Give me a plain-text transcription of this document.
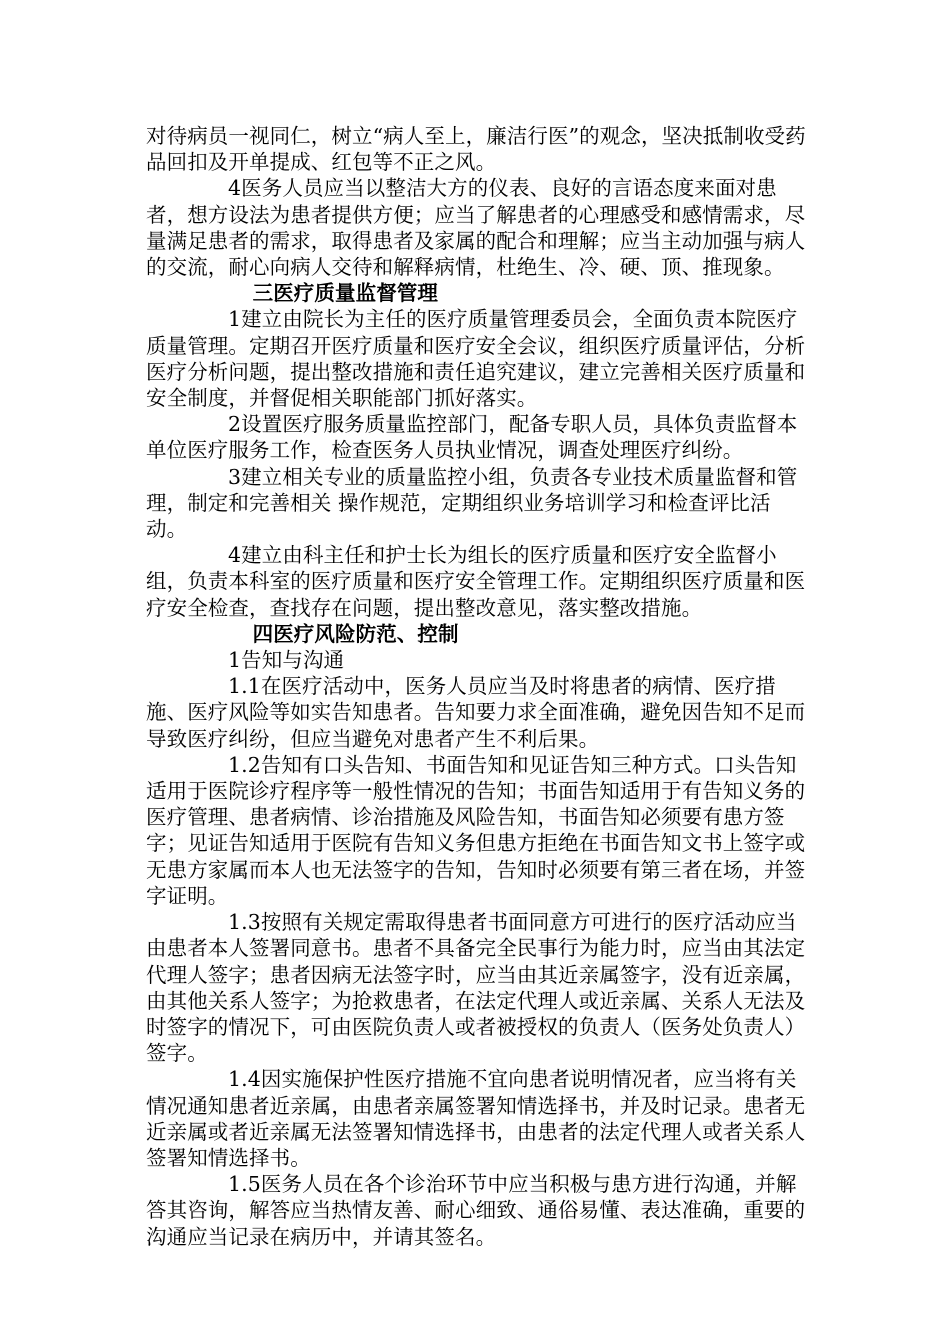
对待病员一视同仁，树立“病人至上，廉洁行医”的观念，坚决抵制收受药品回扣及开单提成、红包等不正之风。

4医务人员应当以整洁大方的仪表、良好的言语态度来面对患者，想方设法为患者提供方便；应当了解患者的心理感受和感情需求，尽量满足患者的需求，取得患者及家属的配合和理解；应当主动加强与病人的交流，耐心向病人交待和解释病情，杜绝生、冷、硬、顶、推现象。

三医疗质量监督管理

1建立由院长为主任的医疗质量管理委员会，全面负责本院医疗质量管理。定期召开医疗质量和医疗安全会议，组织医疗质量评估，分析医疗分析问题，提出整改措施和责任追究建议，建立完善相关医疗质量和安全制度，并督促相关职能部门抓好落实。

2设置医疗服务质量监控部门，配备专职人员，具体负责监督本单位医疗服务工作，检查医务人员执业情况，调查处理医疗纠纷。

3建立相关专业的质量监控小组，负责各专业技术质量监督和管理，制定和完善相关 操作规范，定期组织业务培训学习和检查评比活动。

4建立由科主任和护士长为组长的医疗质量和医疗安全监督小组，负责本科室的医疗质量和医疗安全管理工作。定期组织医疗质量和医疗安全检查，查找存在问题，提出整改意见，落实整改措施。

四医疗风险防范、控制

1告知与沟通

1.1在医疗活动中，医务人员应当及时将患者的病情、医疗措施、医疗风险等如实告知患者。告知要力求全面准确，避免因告知不足而导致医疗纠纷，但应当避免对患者产生不利后果。

1.2告知有口头告知、书面告知和见证告知三种方式。口头告知适用于医院诊疗程序等一般性情况的告知；书面告知适用于有告知义务的医疗管理、患者病情、诊治措施及风险告知，书面告知必须要有患方签字；见证告知适用于医院有告知义务但患方拒绝在书面告知文书上签字或无患方家属而本人也无法签字的告知，告知时必须要有第三者在场，并签字证明。

1.3按照有关规定需取得患者书面同意方可进行的医疗活动应当由患者本人签署同意书。患者不具备完全民事行为能力时，应当由其法定代理人签字；患者因病无法签字时，应当由其近亲属签字，没有近亲属，由其他关系人签字；为抢救患者，在法定代理人或近亲属、关系人无法及时签字的情况下，可由医院负责人或者被授权的负责人（医务处负责人）签字。

1.4因实施保护性医疗措施不宜向患者说明情况者，应当将有关情况通知患者近亲属，由患者亲属签署知情选择书，并及时记录。患者无近亲属或者近亲属无法签署知情选择书，由患者的法定代理人或者关系人签署知情选择书。

1.5医务人员在各个诊治环节中应当积极与患方进行沟通，并解答其咨询，解答应当热情友善、耐心细致、通俗易懂、表达准确，重要的沟通应当记录在病历中，并请其签名。
